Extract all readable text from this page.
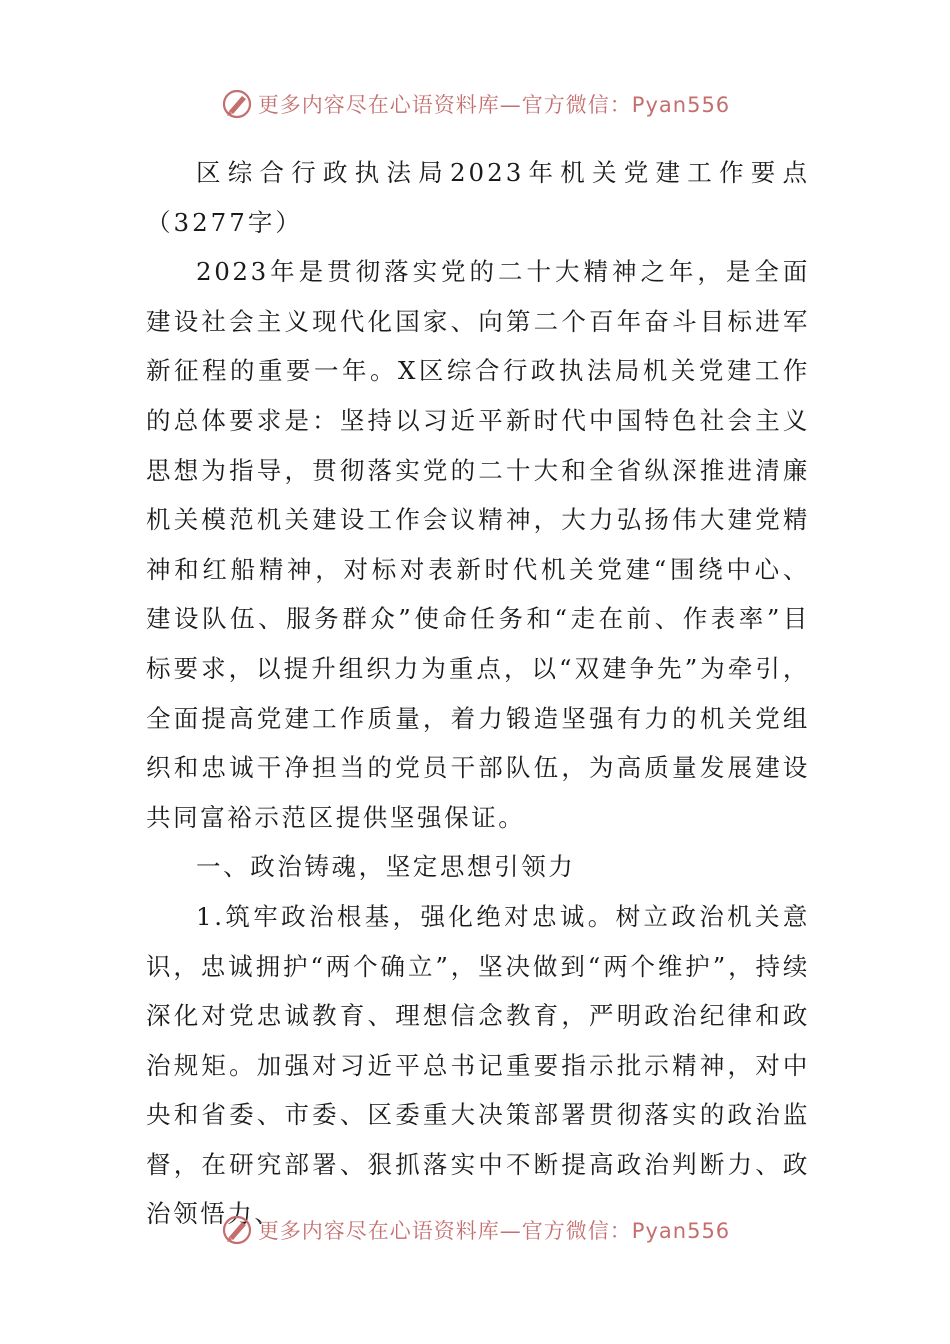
更多内容尽在心语资料库—官方微信：Pyan556

区综合行政执法局2023年机关党建工作要点（3277字）

2023年是贯彻落实党的二十大精神之年，是全面建设社会主义现代化国家、向第二个百年奋斗目标进军新征程的重要一年。X区综合行政执法局机关党建工作的总体要求是：坚持以习近平新时代中国特色社会主义思想为指导，贯彻落实党的二十大和全省纵深推进清廉机关模范机关建设工作会议精神，大力弘扬伟大建党精神和红船精神，对标对表新时代机关党建“围绕中心、建设队伍、服务群众”使命任务和“走在前、作表率”目标要求，以提升组织力为重点，以“双建争先”为牵引，全面提高党建工作质量，着力锻造坚强有力的机关党组织和忠诚干净担当的党员干部队伍，为高质量发展建设共同富裕示范区提供坚强保证。

一、政治铸魂，坚定思想引领力

1.筑牢政治根基，强化绝对忠诚。树立政治机关意识，忠诚拥护“两个确立”，坚决做到“两个维护”，持续深化对党忠诚教育、理想信念教育，严明政治纪律和政治规矩。加强对习近平总书记重要指示批示精神，对中央和省委、市委、区委重大决策部署贯彻落实的政治监督，在研究部署、狠抓落实中不断提高政治判断力、政治领悟力、

更多内容尽在心语资料库—官方微信：Pyan556
